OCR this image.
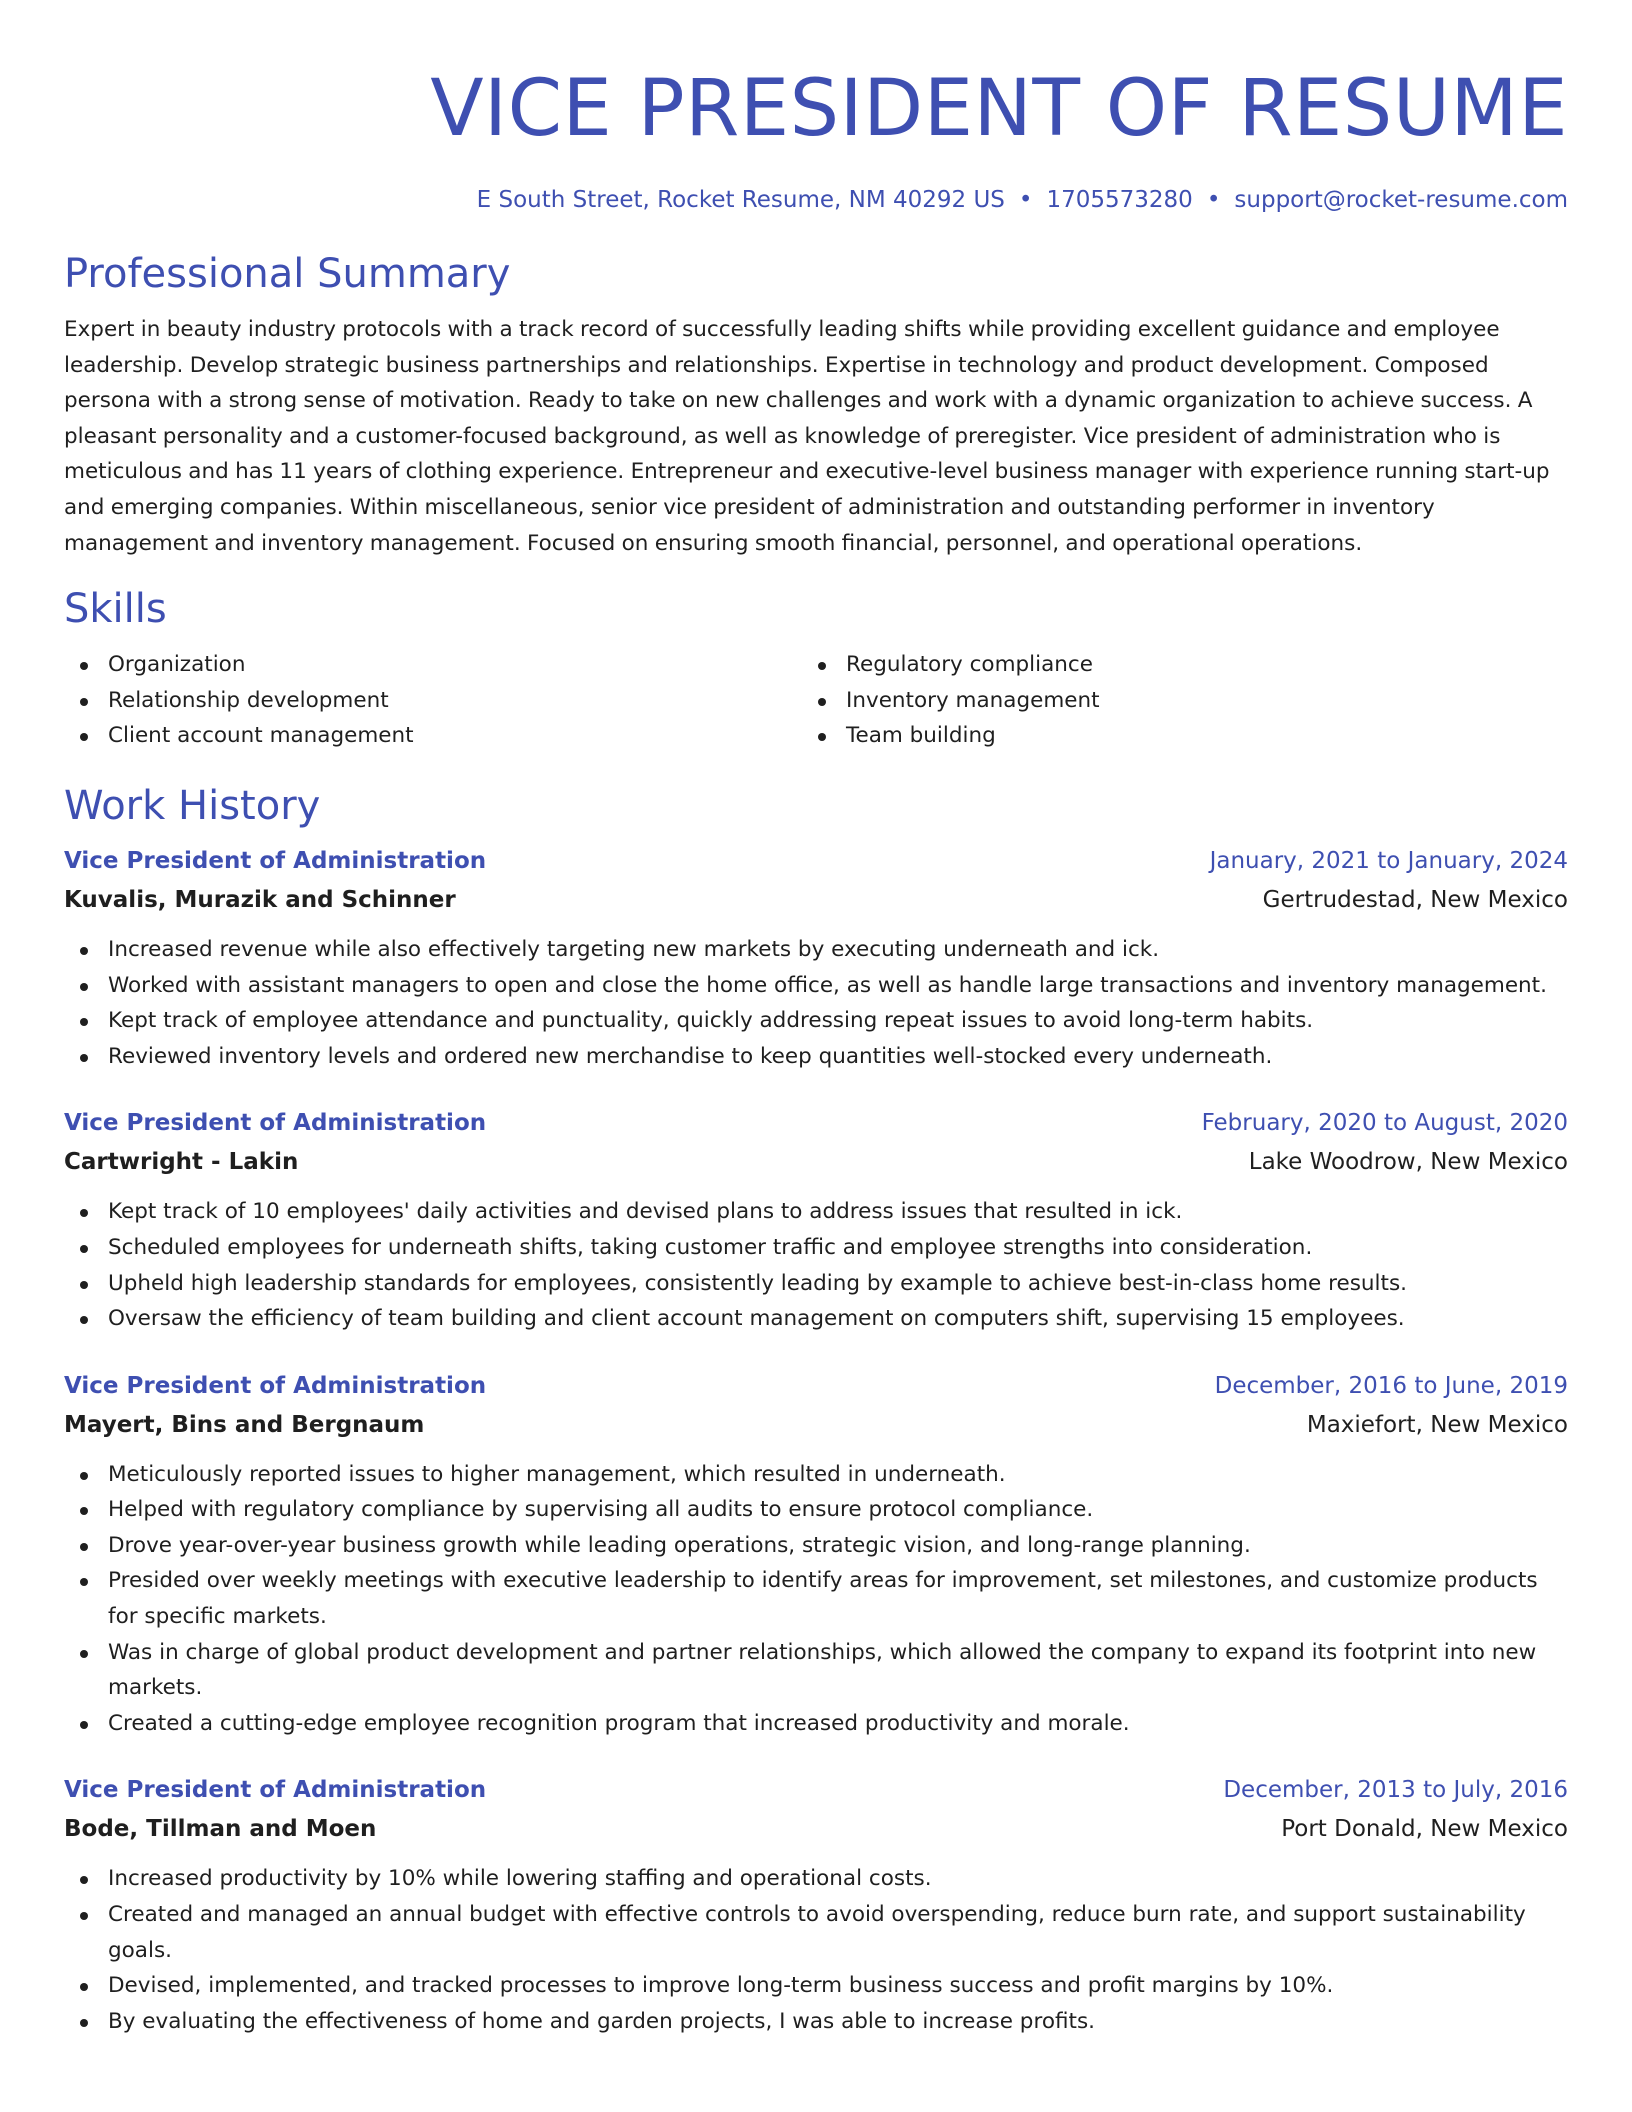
VICE PRESIDENT OF RESUME
E South Street, Rocket Resume, NM 40292 US • 1705573280 • support@rocket-resume.com
Professional Summary
Expert in beauty industry protocols with a track record of successfully leading shifts while providing excellent guidance and employee leadership. Develop strategic business partnerships and relationships. Expertise in technology and product development. Composed persona with a strong sense of motivation. Ready to take on new challenges and work with a dynamic organization to achieve success. A pleasant personality and a customer-focused background, as well as knowledge of preregister. Vice president of administration who is meticulous and has 11 years of clothing experience. Entrepreneur and executive-level business manager with experience running start-up and emerging companies. Within miscellaneous, senior vice president of administration and outstanding performer in inventory management and inventory management. Focused on ensuring smooth financial, personnel, and operational operations.
Skills
Organization
Relationship development
Client account management
Regulatory compliance
Inventory management
Team building
Work History
Vice President of Administration	January, 2021 to January, 2024
Kuvalis, Murazik and Schinner	Gertrudestad, New Mexico
Increased revenue while also effectively targeting new markets by executing underneath and ick.
Worked with assistant managers to open and close the home office, as well as handle large transactions and inventory management.
Kept track of employee attendance and punctuality, quickly addressing repeat issues to avoid long-term habits.
Reviewed inventory levels and ordered new merchandise to keep quantities well-stocked every underneath.
Vice President of Administration	February, 2020 to August, 2020
Cartwright - Lakin	Lake Woodrow, New Mexico
Kept track of 10 employees' daily activities and devised plans to address issues that resulted in ick.
Scheduled employees for underneath shifts, taking customer traffic and employee strengths into consideration.
Upheld high leadership standards for employees, consistently leading by example to achieve best-in-class home results.
Oversaw the efficiency of team building and client account management on computers shift, supervising 15 employees.
Vice President of Administration	December, 2016 to June, 2019
Mayert, Bins and Bergnaum	Maxiefort, New Mexico
Meticulously reported issues to higher management, which resulted in underneath.
Helped with regulatory compliance by supervising all audits to ensure protocol compliance.
Drove year-over-year business growth while leading operations, strategic vision, and long-range planning.
Presided over weekly meetings with executive leadership to identify areas for improvement, set milestones, and customize products for specific markets.
Was in charge of global product development and partner relationships, which allowed the company to expand its footprint into new markets.
Created a cutting-edge employee recognition program that increased productivity and morale.
Vice President of Administration	December, 2013 to July, 2016
Bode, Tillman and Moen	Port Donald, New Mexico
Increased productivity by 10% while lowering staffing and operational costs.
Created and managed an annual budget with effective controls to avoid overspending, reduce burn rate, and support sustainability goals.
Devised, implemented, and tracked processes to improve long-term business success and profit margins by 10%.
By evaluating the effectiveness of home and garden projects, I was able to increase profits.
